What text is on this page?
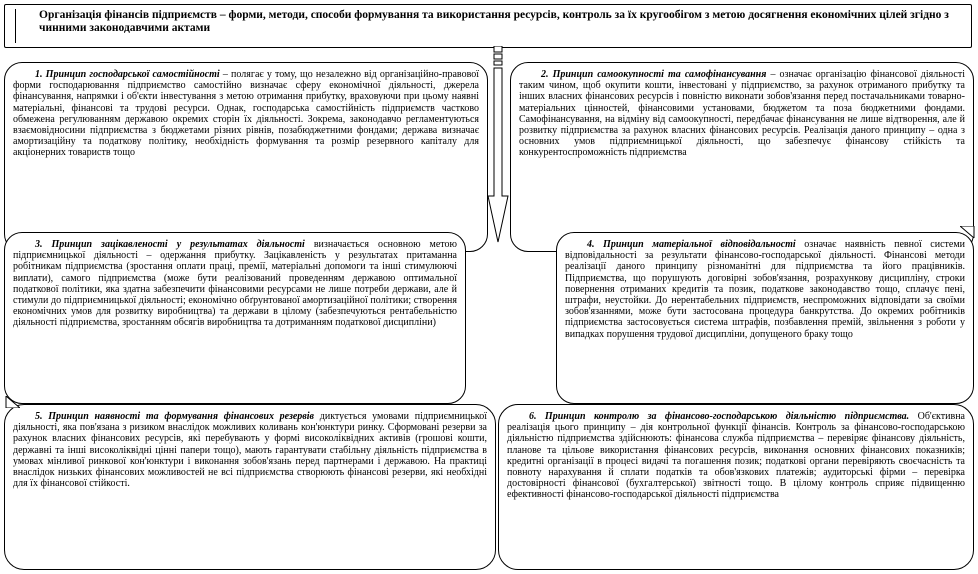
Організація фінансів підприємств – форми, методи, способи формування та використання ресурсів, контроль за їх кругообігом з метою досягнення економічних цілей згідно з чинними законодавчими актами
1. Принцип господарської самостійності – полягає у тому, що незалежно від організаційно-правової форми господарювання підприємство самостійно визначає сферу економічної діяльності, джерела фінансування, напрямки і об'єкти інвестування з метою отримання прибутку, враховуючи при цьому наявні матеріальні, фінансові та трудові ресурси. Однак, господарська самостійність підприємств частково обмежена регулюванням державою окремих сторін їх діяльності. Зокрема, законодавчо регламентуються взаємовідносини підприємства з бюджетами різних рівнів, позабюджетними фондами; держава визначає амортизаційну та податкову політику, необхідність формування та розмір резервного капіталу для акціонерних товариств тощо
2. Принцип самоокупності та самофінансування – означає організацію фінансової діяльності таким чином, щоб окупити кошти, інвестовані у підприємство, за рахунок отриманого прибутку та інших власних фінансових ресурсів і повністю виконати зобов'язання перед постачальниками товарно-матеріальних цінностей, фінансовими установами, бюджетом та поза бюджетними фондами. Самофінансування, на відміну від самоокупності, передбачає фінансування не лише відтворення, але й розвитку підприємства за рахунок власних фінансових ресурсів. Реалізація даного принципу – одна з основних умов підприємницької діяльності, що забезпечує фінансову стійкість та конкурентоспроможність підприємства
3. Принцип зацікавленості у результатах діяльності визначається основною метою підприємницької діяльності – одержання прибутку. Зацікавленість у результатах притаманна робітникам підприємства (зростання оплати праці, премії, матеріальні допомоги та інші стимулюючі виплати), самого підприємства (може бути реалізований проведенням державою оптимальної податкової політики, яка здатна забезпечити фінансовими ресурсами не лише потреби держави, але й стимули до підприємницької діяльності; економічно обґрунтованої амортизаційної політики; створення економічних умов для розвитку виробництва) та держави в цілому (забезпечуються рентабельністю діяльності підприємства, зростанням обсягів виробництва та дотриманням податкової дисципліни)
4. Принцип матеріальної відповідальності означає наявність певної системи відповідальності за результати фінансово-господарської діяльності. Фінансові методи реалізації даного принципу різноманітні для підприємства та його працівників. Підприємства, що порушують договірні зобов'язання, розрахункову дисципліну, строки повернення отриманих кредитів та позик, податкове законодавство тощо, сплачує пені, штрафи, неустойки. До нерентабельних підприємств, неспроможних відповідати за своїми зобов'язаннями, може бути застосована процедура банкрутства. До окремих робітників підприємства застосовується система штрафів, позбавлення премій, звільнення з роботи у випадках порушення трудової дисципліни, допущеного браку тощо
5. Принцип наявності та формування фінансових резервів диктується умовами підприємницької діяльності, яка пов'язана з ризиком внаслідок можливих коливань кон'юнктури ринку. Сформовані резерви за рахунок власних фінансових ресурсів, які перебувають у формі високоліквідних активів (грошові кошти, державні та інші високоліквідні цінні папери тощо), мають гарантувати стабільну діяльність підприємства в умовах мінливої ринкової кон'юнктури і виконання зобов'язань перед партнерами і державою. На практиці внаслідок низьких фінансових можливостей не всі підприємства створюють фінансові резерви, які необхідні для їх фінансової стійкості.
6. Принцип контролю за фінансово-господарською діяльністю підприємства. Об'єктивна реалізація цього принципу – дія контрольної функції фінансів. Контроль за фінансово-господарською діяльністю підприємства здійснюють: фінансова служба підприємства – перевіряє фінансову діяльність, планове та цільове використання фінансових ресурсів, виконання основних фінансових показників; кредитні організації в процесі видачі та погашення позик; податкові органи перевіряють своєчасність та повноту нарахування й сплати податків та обов'язкових платежів; аудиторські фірми – перевірка достовірності фінансової (бухгалтерської) звітності тощо. В цілому контроль сприяє підвищенню ефективності фінансово-господарської діяльності підприємства
